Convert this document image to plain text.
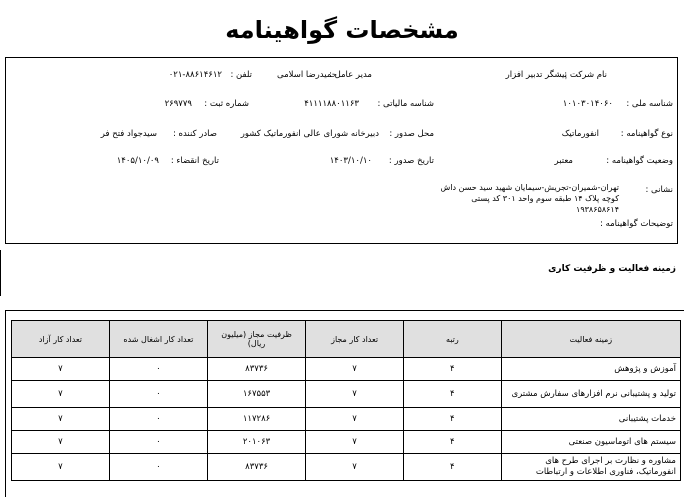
مشخصات گواهینامه
نام شرکت :
پیشگر تدبیر افزار
مدیر عامل :
حمیدرضا اسلامی
تلفن :
۰۲۱-۸۸۶۱۴۶۱۲
شناسه ملی :
۱۰۱۰۳۰۱۴۰۶۰
شناسه مالیاتی :
۴۱۱۱۱۸۸۰۱۱۶۳
شماره ثبت :
۲۶۹۷۷۹
نوع گواهینامه :
انفورماتیک
محل صدور :
دبیرخانه شورای عالی انفورماتیک کشور
صادر کننده :
سیدجواد فتح فر
وضعیت گواهینامه :
معتبر
تاریخ صدور :
۱۴۰۳/۱۰/۱۰
تاریخ انقضاء :
۱۴۰۵/۱۰/۰۹
نشانی :
تهران-شمیران-تجریش-سیمایان شهید سید حسن داش
کوچه پلاک ۱۴ طبقه سوم واحد ۳۰۱ کد پستی
۱۹۳۸۶۵۸۶۱۴
توضیحات گواهینامه :
زمینه فعالیت و ظرفیت کاری
زمینه فعالیت	رتبه	تعداد کار مجاز	ظرفیت مجاز (میلیون ریال)	تعداد کار اشغال شده	تعداد کار آزاد
آموزش و پژوهش	۴	۷	۸۳۷۳۶	۰	۷
تولید و پشتیبانی نرم افزارهای سفارش مشتری	۴	۷	۱۶۷۵۵۳	۰	۷
خدمات پشتیبانی	۴	۷	۱۱۷۲۸۶	۰	۷
سیستم های اتوماسیون صنعتی	۴	۷	۲۰۱۰۶۳	۰	۷
مشاوره و نظارت بر اجرای طرح های انفورماتیک، فناوری اطلاعات و ارتباطات	۴	۷	۸۳۷۳۶	۰	۷
